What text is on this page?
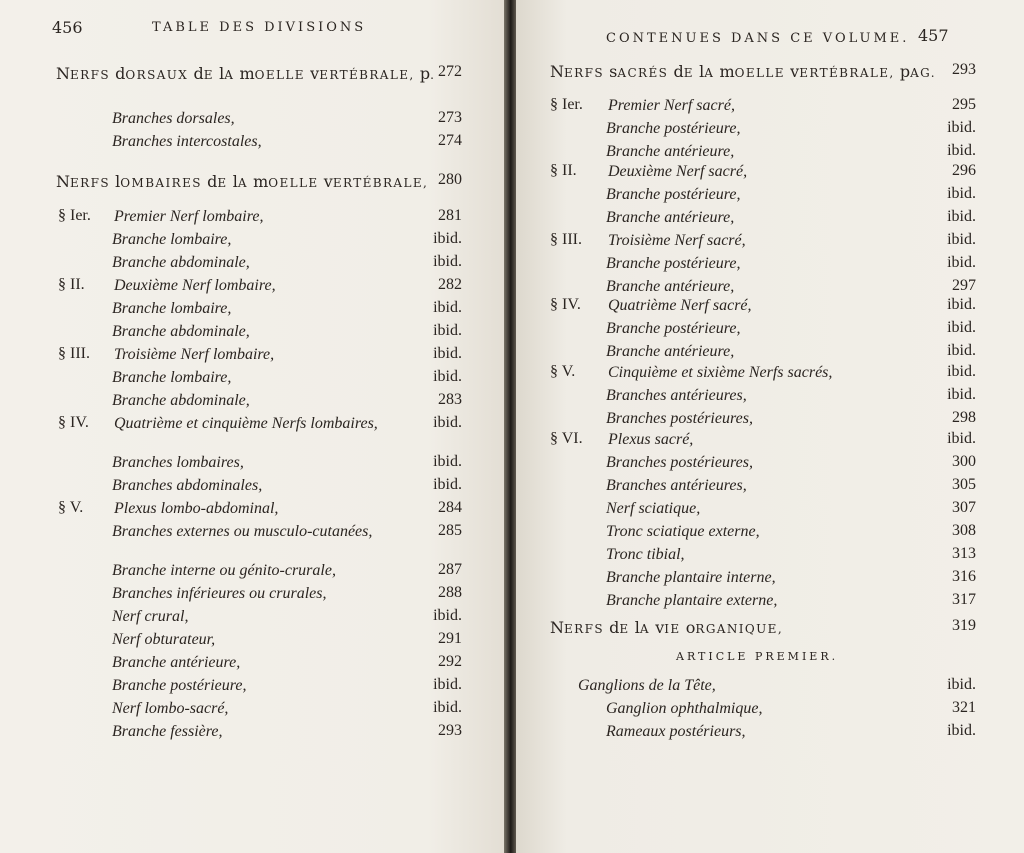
456	TABLE DES DIVISIONS
NERFS dORSAUX dE lA mOELLE vERTÉBRALE, p. 272
Branches dorsales,	273
Branches intercostales,	274
NERFS lOMBAIRES dE lA mOELLE vERTÉBRALE, 280
§ Ier. Premier Nerf lombaire,	281
Branche lombaire,	ibid.
Branche abdominale,	ibid.
§ II. Deuxième Nerf lombaire,	282
Branche lombaire,	ibid.
Branche abdominale,	ibid.
§ III. Troisième Nerf lombaire,	ibid.
Branche lombaire,	ibid.
Branche abdominale,	283
§ IV. Quatrième et cinquième Nerfs lombaires,	ibid.
Branches lombaires,	ibid.
Branches abdominales,	ibid.
§ V. Plexus lombo-abdominal,	284
Branches externes ou musculo-cutanées,	285
Branche interne ou génito-crurale,	287
Branches inférieures ou crurales,	288
Nerf crural,	ibid.
Nerf obturateur,	291
Branche antérieure,	292
Branche postérieure,	ibid.
Nerf lombo-sacré,	ibid.
Branche fessière,	293
CONTENUES DANS CE VOLUME. 457
NERFS sACRÉS dE lA mOELLE vERTÉBRALE, pAG. 293
§ Ier. Premier Nerf sacré,	295
Branche postérieure,	ibid.
Branche antérieure,	ibid.
§ II. Deuxième Nerf sacré,	296
Branche postérieure,	ibid.
Branche antérieure,	ibid.
§ III. Troisième Nerf sacré,	ibid.
Branche postérieure,	ibid.
Branche antérieure,	297
§ IV. Quatrième Nerf sacré,	ibid.
Branche postérieure,	ibid.
Branche antérieure,	ibid.
§ V. Cinquième et sixième Nerfs sacrés,	ibid.
Branches antérieures,	ibid.
Branches postérieures,	298
§ VI. Plexus sacré,	ibid.
Branches postérieures,	300
Branches antérieures,	305
Nerf sciatique,	307
Tronc sciatique externe,	308
Tronc tibial,	313
Branche plantaire interne,	316
Branche plantaire externe,	317
NERFS dE lA vIE oRGANIQUE,	319
ARTICLE PREMIER.
Ganglions de la Tête,	ibid.
Ganglion ophthalmique,	321
Rameaux postérieurs,	ibid.
